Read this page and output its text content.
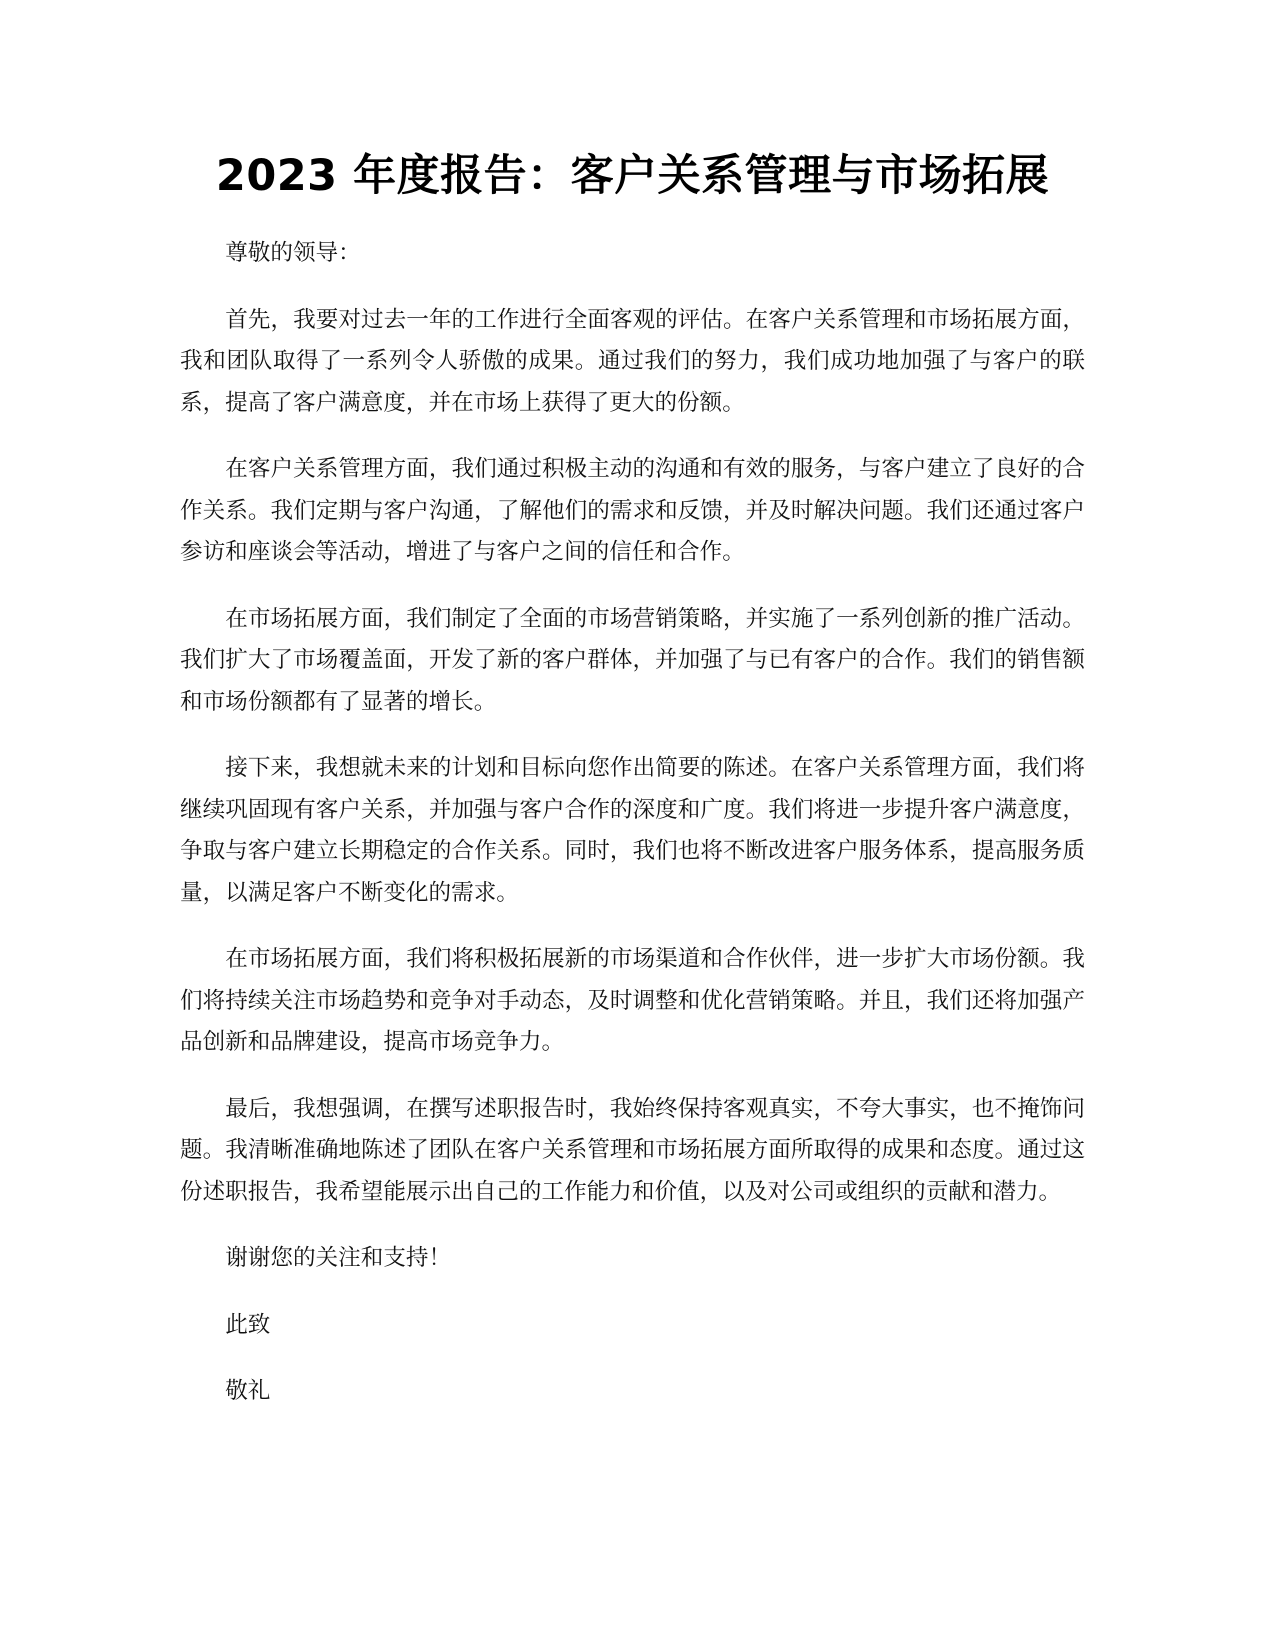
2023 年度报告：客户关系管理与市场拓展

尊敬的领导：

首先，我要对过去一年的工作进行全面客观的评估。在客户关系管理和市场拓展方面，我和团队取得了一系列令人骄傲的成果。通过我们的努力，我们成功地加强了与客户的联系，提高了客户满意度，并在市场上获得了更大的份额。

在客户关系管理方面，我们通过积极主动的沟通和有效的服务，与客户建立了良好的合作关系。我们定期与客户沟通，了解他们的需求和反馈，并及时解决问题。我们还通过客户参访和座谈会等活动，增进了与客户之间的信任和合作。

在市场拓展方面，我们制定了全面的市场营销策略，并实施了一系列创新的推广活动。我们扩大了市场覆盖面，开发了新的客户群体，并加强了与已有客户的合作。我们的销售额和市场份额都有了显著的增长。

接下来，我想就未来的计划和目标向您作出简要的陈述。在客户关系管理方面，我们将继续巩固现有客户关系，并加强与客户合作的深度和广度。我们将进一步提升客户满意度，争取与客户建立长期稳定的合作关系。同时，我们也将不断改进客户服务体系，提高服务质量，以满足客户不断变化的需求。

在市场拓展方面，我们将积极拓展新的市场渠道和合作伙伴，进一步扩大市场份额。我们将持续关注市场趋势和竞争对手动态，及时调整和优化营销策略。并且，我们还将加强产品创新和品牌建设，提高市场竞争力。

最后，我想强调，在撰写述职报告时，我始终保持客观真实，不夸大事实，也不掩饰问题。我清晰准确地陈述了团队在客户关系管理和市场拓展方面所取得的成果和态度。通过这份述职报告，我希望能展示出自己的工作能力和价值，以及对公司或组织的贡献和潜力。

谢谢您的关注和支持！

此致

敬礼
